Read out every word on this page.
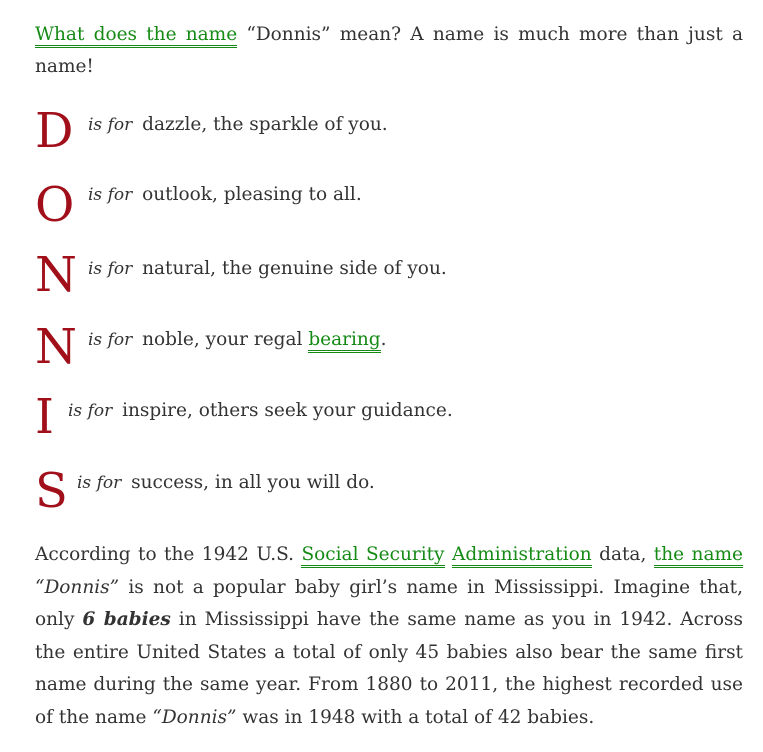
What does the name “Donnis” mean? A name is much more than just a name!

D is for dazzle, the sparkle of you.
O is for outlook, pleasing to all.
N is for natural, the genuine side of you.
N is for noble, your regal bearing.
I is for inspire, others seek your guidance.
S is for success, in all you will do.

According to the 1942 U.S. Social Security Administration data, the name “Donnis” is not a popular baby girl’s name in Mississippi. Imagine that, only 6 babies in Mississippi have the same name as you in 1942. Across the entire United States a total of only 45 babies also bear the same first name during the same year. From 1880 to 2011, the highest recorded use of the name “Donnis” was in 1948 with a total of 42 babies.
